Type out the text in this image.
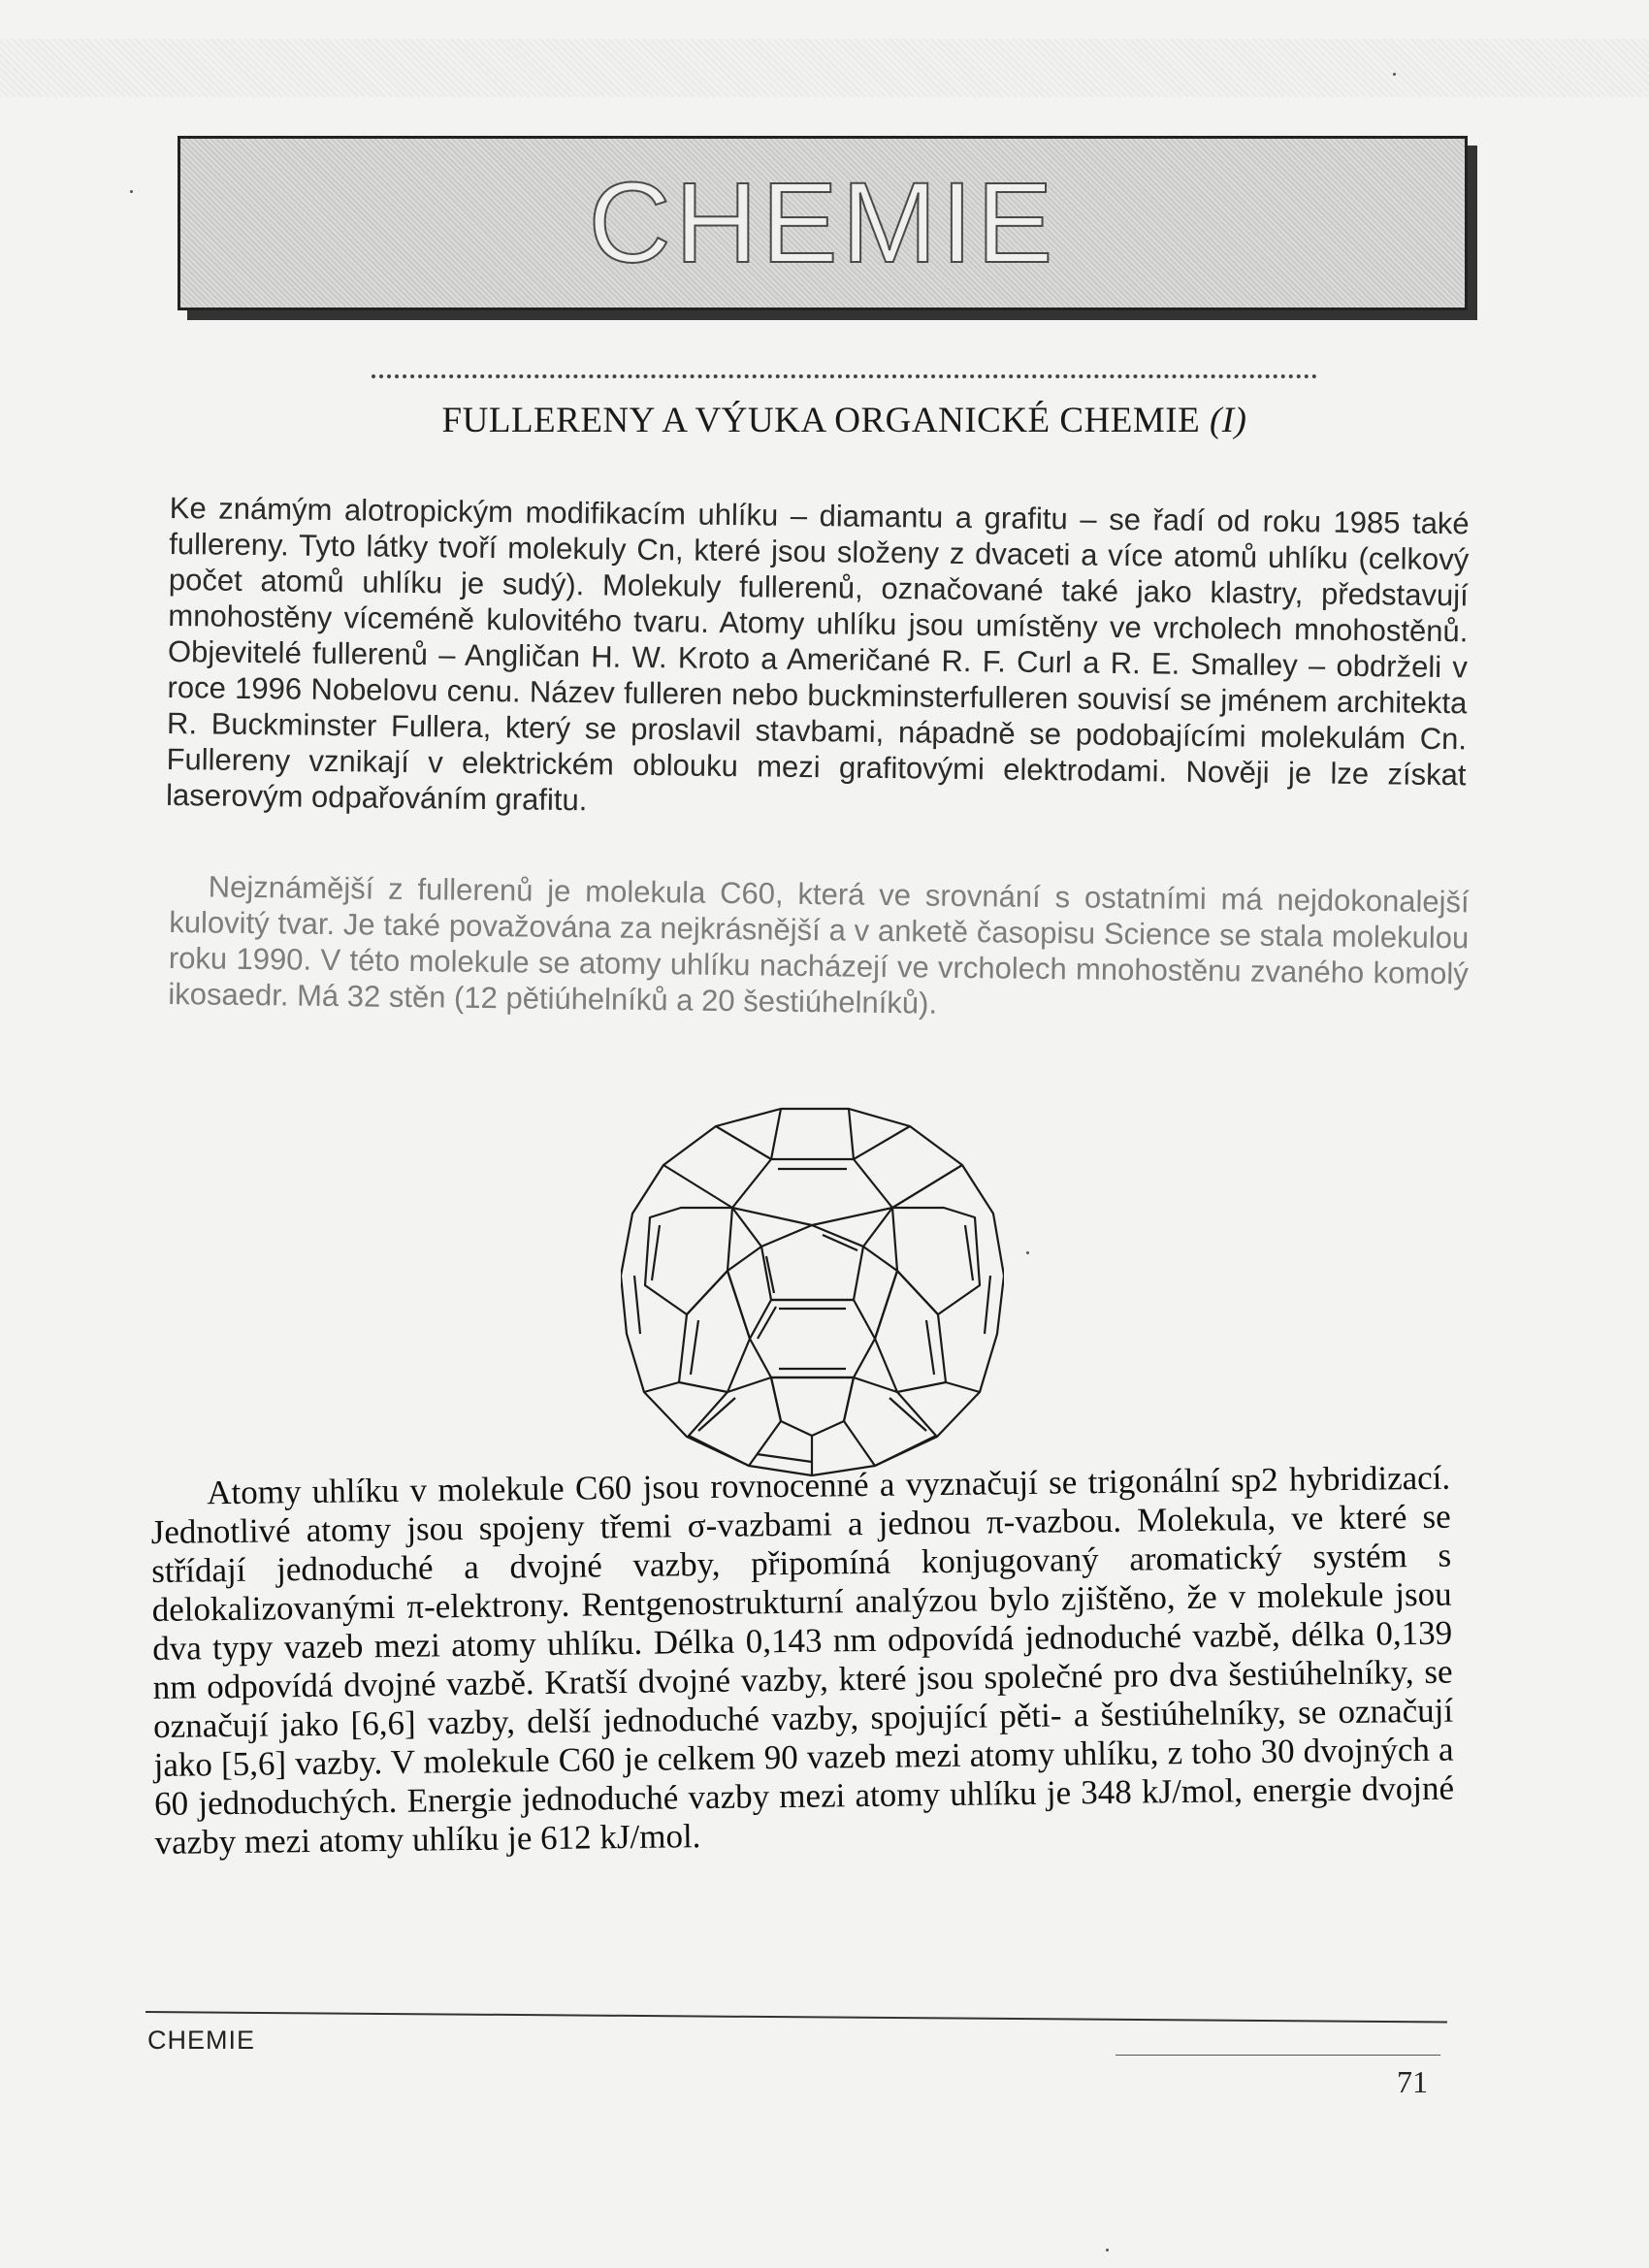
CHEMIE
FULLERENY A VÝUKA ORGANICKÉ CHEMIE (I)

Ke známým alotropickým modifikacím uhlíku – diamantu a grafitu – se řadí od roku 1985 také fullereny. Tyto látky tvoří molekuly Cn, které jsou složeny z dvaceti a více atomů uhlíku (celkový počet atomů uhlíku je sudý). Molekuly fullerenů, označované také jako klastry, představují mnohostěny víceméně kulovitého tvaru. Atomy uhlíku jsou umístěny ve vrcholech mnohostěnů. Objevitelé fullerenů – Angličan H. W. Kroto a Američané R. F. Curl a R. E. Smalley – obdrželi v roce 1996 Nobelovu cenu. Název fulleren nebo buckminsterfulleren souvisí se jménem architekta R. Buckminster Fullera, který se proslavil stavbami, nápadně se podobajícími molekulám Cn. Fullereny vznikají v elektrickém oblouku mezi grafitovými elektrodami. Nověji je lze získat laserovým odpařováním grafitu.

Nejznámější z fullerenů je molekula C60, která ve srovnání s ostatními má nejdokonalejší kulovitý tvar. Je také považována za nejkrásnější a v anketě časopisu Science se stala molekulou roku 1990. V této molekule se atomy uhlíku nacházejí ve vrcholech mnohostěnu zvaného komolý ikosaedr. Má 32 stěn (12 pětiúhelníků a 20 šestiúhelníků).

Atomy uhlíku v molekule C60 jsou rovnocenné a vyznačují se trigonální sp2 hybridizací. Jednotlivé atomy jsou spojeny třemi σ-vazbami a jednou π-vazbou. Molekula, ve které se střídají jednoduché a dvojné vazby, připomíná konjugovaný aromatický systém s delokalizovanými π-elektrony. Rentgenostrukturní analýzou bylo zjištěno, že v molekule jsou dva typy vazeb mezi atomy uhlíku. Délka 0,143 nm odpovídá jednoduché vazbě, délka 0,139 nm odpovídá dvojné vazbě. Kratší dvojné vazby, které jsou společné pro dva šestiúhelníky, se označují jako [6,6] vazby, delší jednoduché vazby, spojující pěti- a šestiúhelníky, se označují jako [5,6] vazby. V molekule C60 je celkem 90 vazeb mezi atomy uhlíku, z toho 30 dvojných a 60 jednoduchých. Energie jednoduché vazby mezi atomy uhlíku je 348 kJ/mol, energie dvojné vazby mezi atomy uhlíku je 612 kJ/mol.

CHEMIE
71
